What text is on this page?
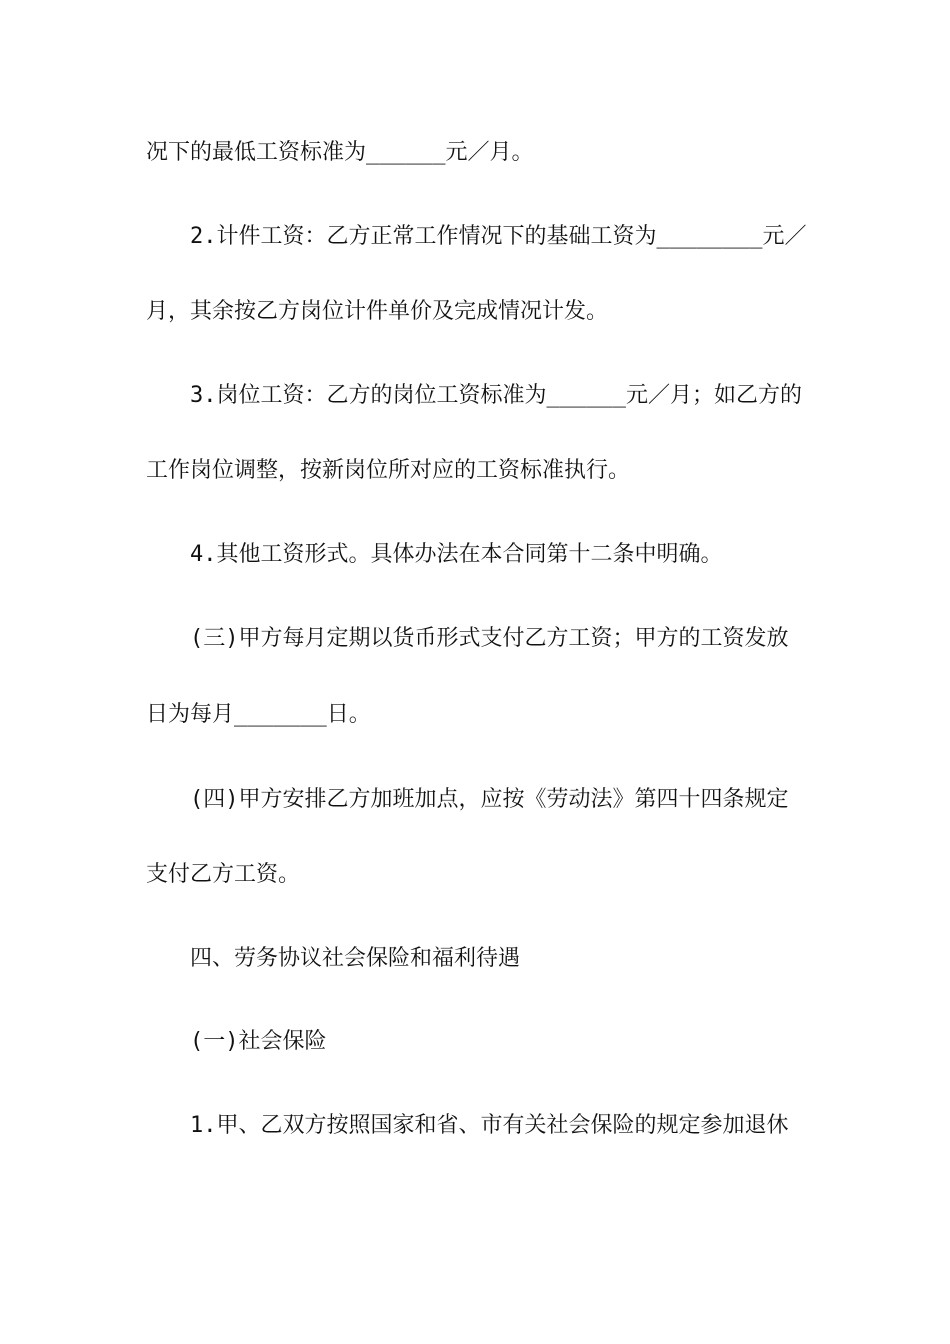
况下的最低工资标准为______元／月。
2.计件工资：乙方正常工作情况下的基础工资为________元／
月，其余按乙方岗位计件单价及完成情况计发。
3.岗位工资：乙方的岗位工资标准为______元／月；如乙方的
工作岗位调整，按新岗位所对应的工资标准执行。
4.其他工资形式。具体办法在本合同第十二条中明确。
(三)甲方每月定期以货币形式支付乙方工资；甲方的工资发放
日为每月_______日。
(四)甲方安排乙方加班加点，应按《劳动法》第四十四条规定
支付乙方工资。
四、劳务协议社会保险和福利待遇
(一)社会保险
1.甲、乙双方按照国家和省、市有关社会保险的规定参加退休
